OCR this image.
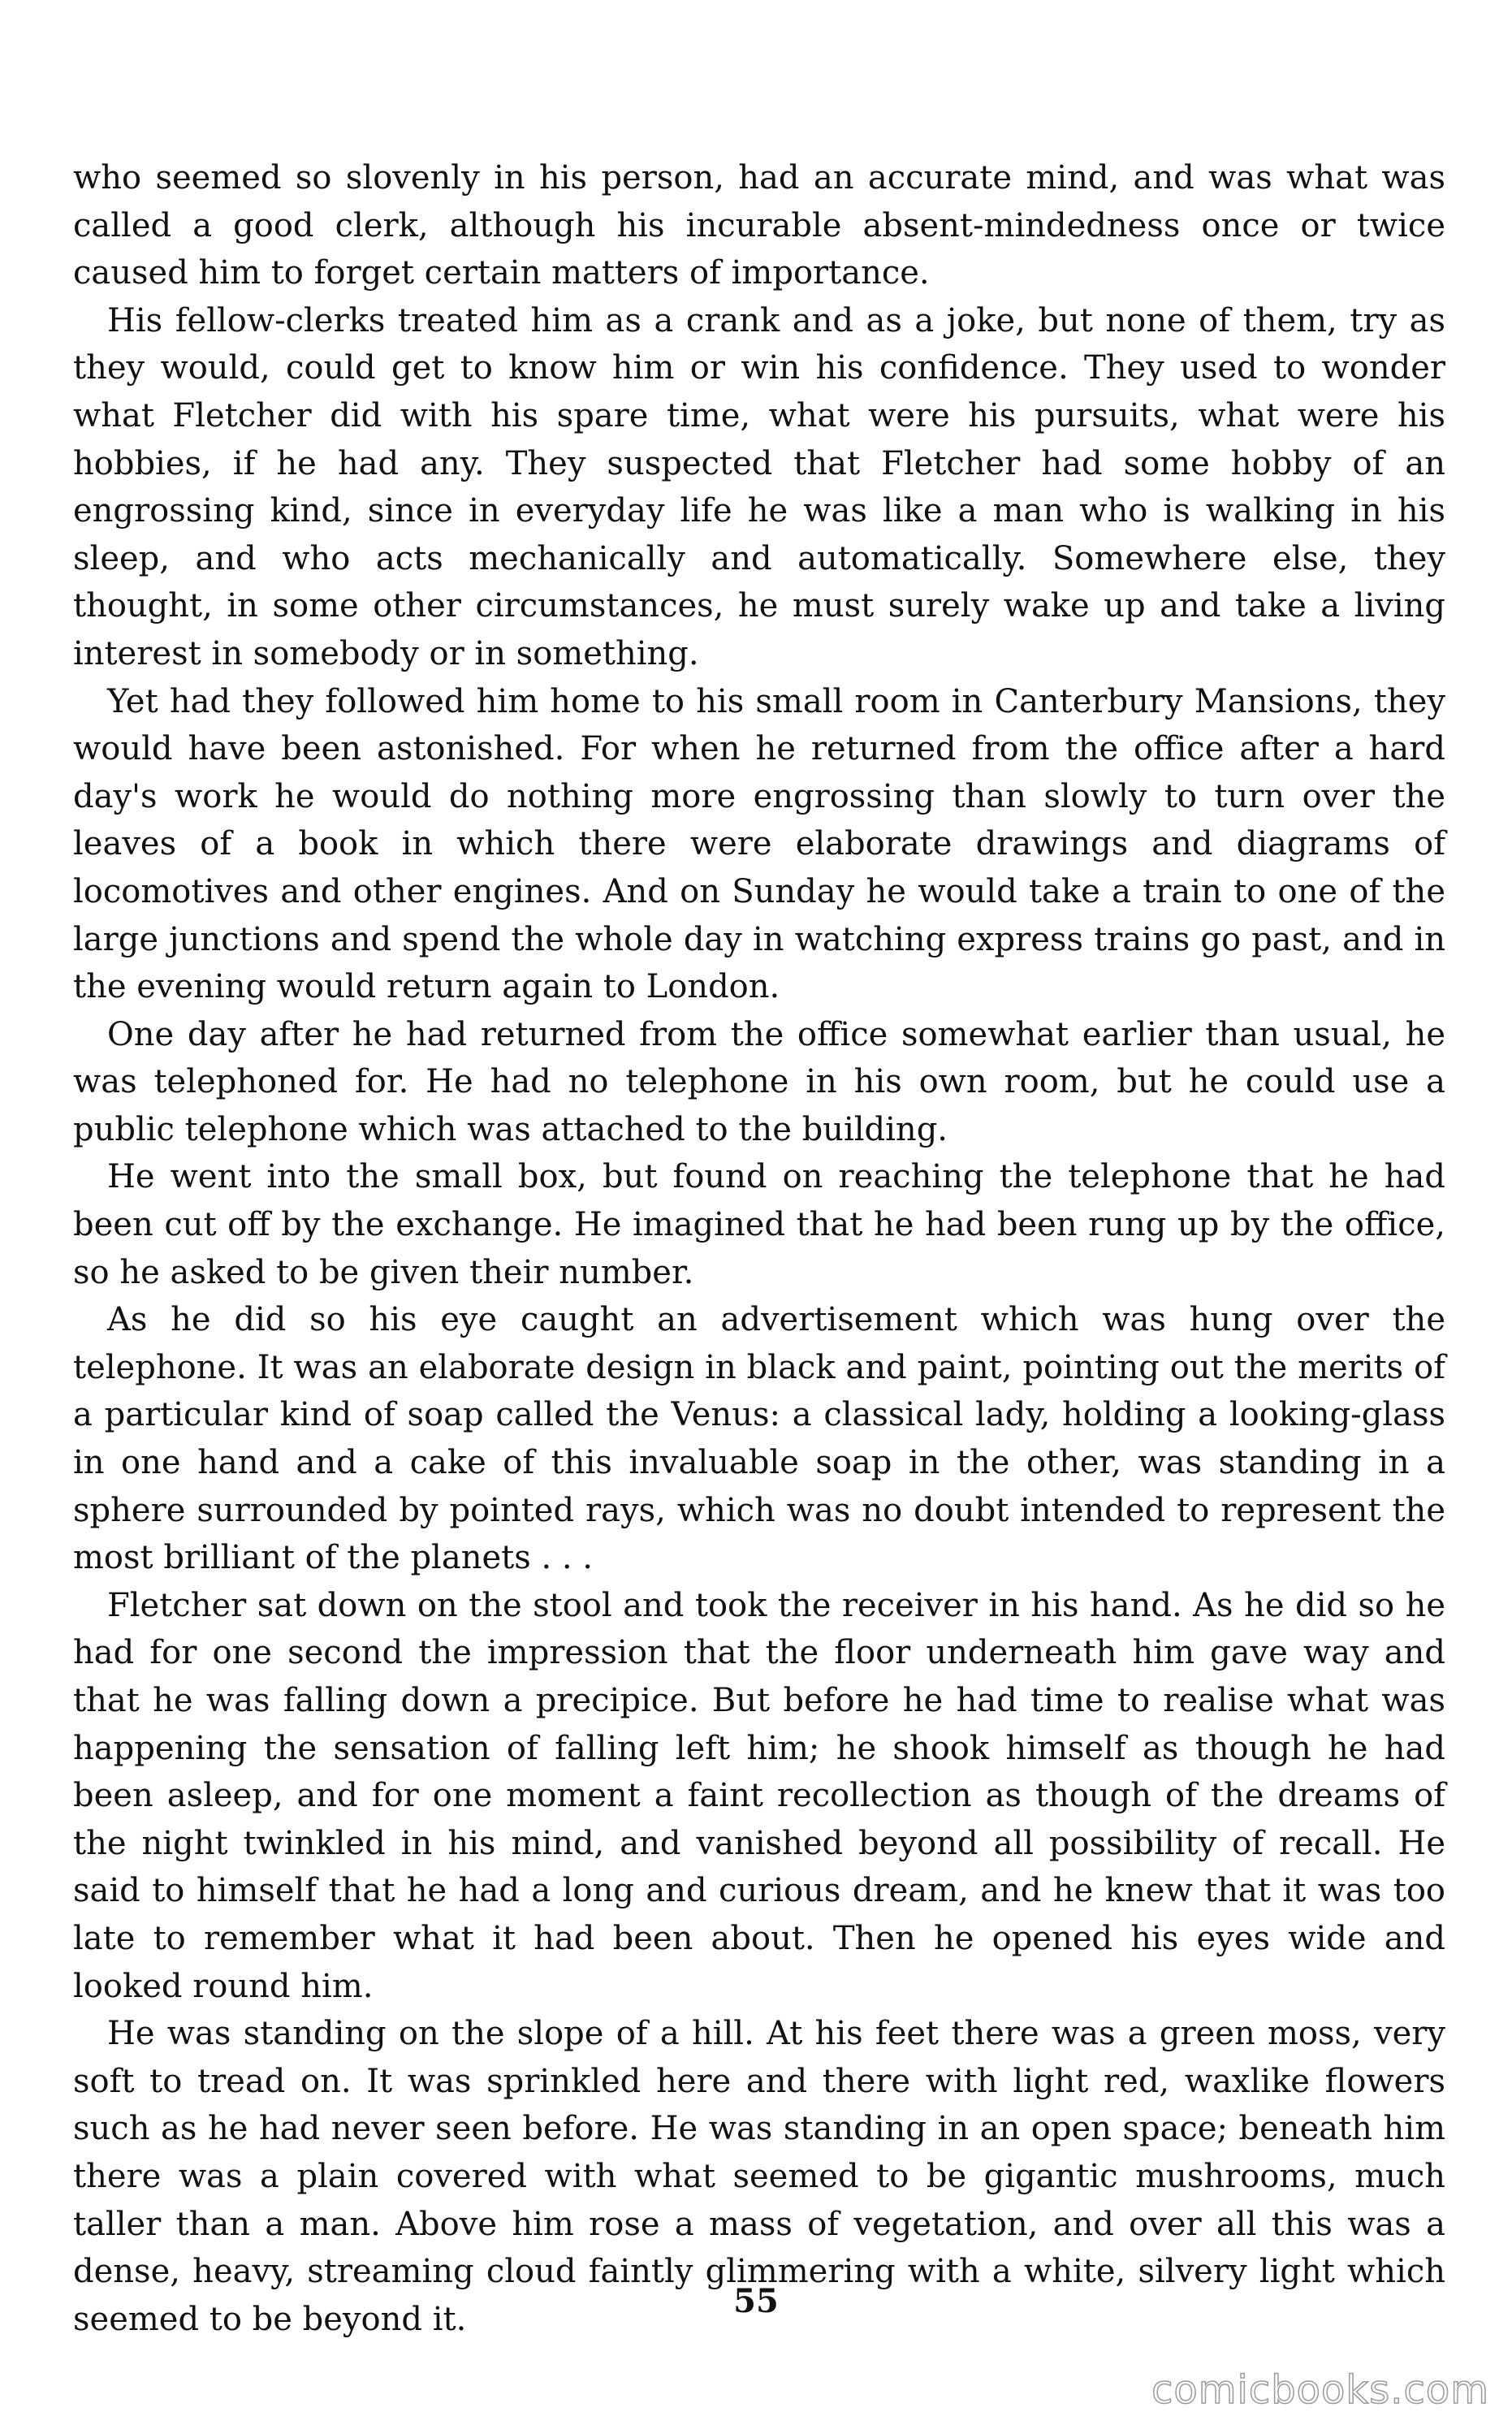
who seemed so slovenly in his person, had an accurate mind, and was what was called a good clerk, although his incurable absent-mindedness once or twice caused him to forget certain matters of importance.

His fellow-clerks treated him as a crank and as a joke, but none of them, try as they would, could get to know him or win his confidence. They used to wonder what Fletcher did with his spare time, what were his pursuits, what were his hobbies, if he had any. They suspected that Fletcher had some hobby of an engrossing kind, since in everyday life he was like a man who is walking in his sleep, and who acts mechanically and automatically. Somewhere else, they thought, in some other circumstances, he must surely wake up and take a living interest in somebody or in something.

Yet had they followed him home to his small room in Canterbury Mansions, they would have been astonished. For when he returned from the office after a hard day's work he would do nothing more engrossing than slowly to turn over the leaves of a book in which there were elaborate drawings and diagrams of locomotives and other engines. And on Sunday he would take a train to one of the large junctions and spend the whole day in watching express trains go past, and in the evening would return again to London.

One day after he had returned from the office somewhat earlier than usual, he was telephoned for. He had no telephone in his own room, but he could use a public telephone which was attached to the building.

He went into the small box, but found on reaching the telephone that he had been cut off by the exchange. He imagined that he had been rung up by the office, so he asked to be given their number.

As he did so his eye caught an advertisement which was hung over the telephone. It was an elaborate design in black and paint, pointing out the merits of a particular kind of soap called the Venus: a classical lady, holding a looking-glass in one hand and a cake of this invaluable soap in the other, was standing in a sphere surrounded by pointed rays, which was no doubt intended to represent the most brilliant of the planets . . .

Fletcher sat down on the stool and took the receiver in his hand. As he did so he had for one second the impression that the floor underneath him gave way and that he was falling down a precipice. But before he had time to realise what was happening the sensation of falling left him; he shook himself as though he had been asleep, and for one moment a faint recollection as though of the dreams of the night twinkled in his mind, and vanished beyond all possibility of recall. He said to himself that he had a long and curious dream, and he knew that it was too late to remember what it had been about. Then he opened his eyes wide and looked round him.

He was standing on the slope of a hill. At his feet there was a green moss, very soft to tread on. It was sprinkled here and there with light red, waxlike flowers such as he had never seen before. He was standing in an open space; beneath him there was a plain covered with what seemed to be gigantic mushrooms, much taller than a man. Above him rose a mass of vegetation, and over all this was a dense, heavy, streaming cloud faintly glimmering with a white, silvery light which seemed to be beyond it.	55
comicbooks.com
